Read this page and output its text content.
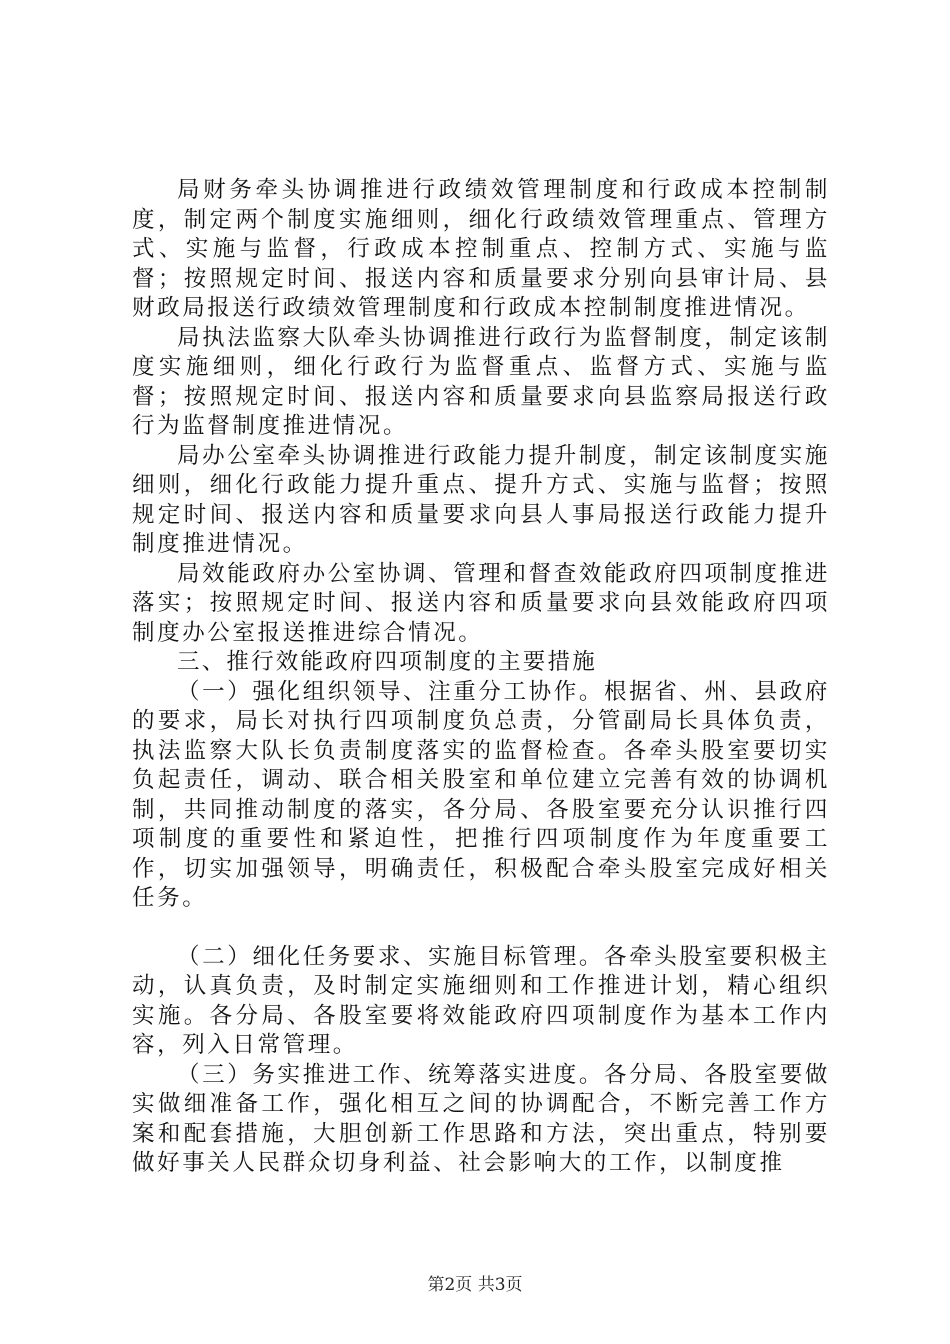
局财务牵头协调推进行政绩效管理制度和行政成本控制制度，制定两个制度实施细则，细化行政绩效管理重点、管理方式、实施与监督，行政成本控制重点、控制方式、实施与监督；按照规定时间、报送内容和质量要求分别向县审计局、县财政局报送行政绩效管理制度和行政成本控制制度推进情况。

局执法监察大队牵头协调推进行政行为监督制度，制定该制度实施细则，细化行政行为监督重点、监督方式、实施与监督；按照规定时间、报送内容和质量要求向县监察局报送行政行为监督制度推进情况。

局办公室牵头协调推进行政能力提升制度，制定该制度实施细则，细化行政能力提升重点、提升方式、实施与监督；按照规定时间、报送内容和质量要求向县人事局报送行政能力提升制度推进情况。

局效能政府办公室协调、管理和督查效能政府四项制度推进落实；按照规定时间、报送内容和质量要求向县效能政府四项制度办公室报送推进综合情况。

三、推行效能政府四项制度的主要措施

（一）强化组织领导、注重分工协作。根据省、州、县政府的要求，局长对执行四项制度负总责，分管副局长具体负责，执法监察大队长负责制度落实的监督检查。各牵头股室要切实负起责任，调动、联合相关股室和单位建立完善有效的协调机制，共同推动制度的落实，各分局、各股室要充分认识推行四项制度的重要性和紧迫性，把推行四项制度作为年度重要工作，切实加强领导，明确责任，积极配合牵头股室完成好相关任务。

（二）细化任务要求、实施目标管理。各牵头股室要积极主动，认真负责，及时制定实施细则和工作推进计划，精心组织实施。各分局、各股室要将效能政府四项制度作为基本工作内容，列入日常管理。

（三）务实推进工作、统筹落实进度。各分局、各股室要做实做细准备工作，强化相互之间的协调配合，不断完善工作方案和配套措施，大胆创新工作思路和方法，突出重点，特别要做好事关人民群众切身利益、社会影响大的工作，以制度推

第2页 共3页
